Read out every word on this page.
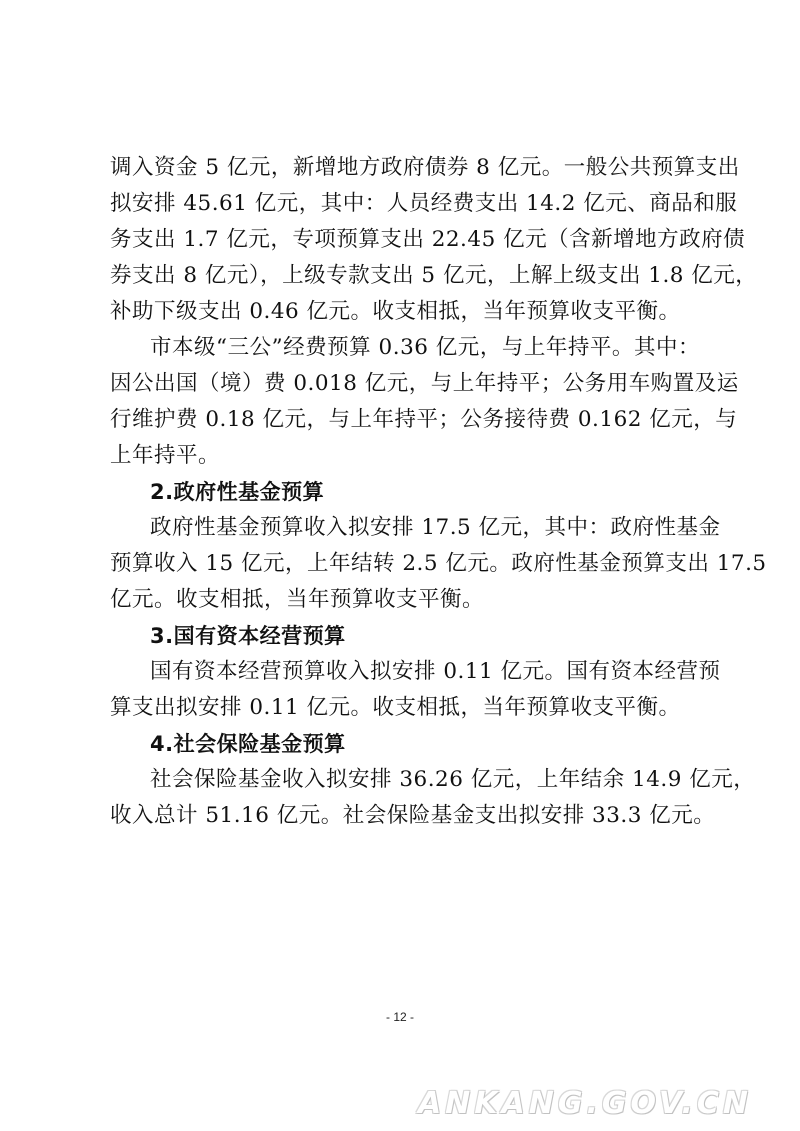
调入资金 5 亿元，新增地方政府债券 8 亿元。一般公共预算支出
拟安排 45.61 亿元，其中：人员经费支出 14.2 亿元、商品和服
务支出 1.7 亿元，专项预算支出 22.45 亿元（含新增地方政府债
券支出 8 亿元），上级专款支出 5 亿元，上解上级支出 1.8 亿元，
补助下级支出 0.46 亿元。收支相抵，当年预算收支平衡。
市本级“三公”经费预算 0.36 亿元，与上年持平。其中：
因公出国（境）费 0.018 亿元，与上年持平；公务用车购置及运
行维护费 0.18 亿元，与上年持平；公务接待费 0.162 亿元，与
上年持平。
2.政府性基金预算
政府性基金预算收入拟安排 17.5 亿元，其中：政府性基金
预算收入 15 亿元，上年结转 2.5 亿元。政府性基金预算支出 17.5
亿元。收支相抵，当年预算收支平衡。
3.国有资本经营预算
国有资本经营预算收入拟安排 0.11 亿元。国有资本经营预
算支出拟安排 0.11 亿元。收支相抵，当年预算收支平衡。
4.社会保险基金预算
社会保险基金收入拟安排 36.26 亿元，上年结余 14.9 亿元，
收入总计 51.16 亿元。社会保险基金支出拟安排 33.3 亿元。
- 12 -
ANKANG.GOV.CN
